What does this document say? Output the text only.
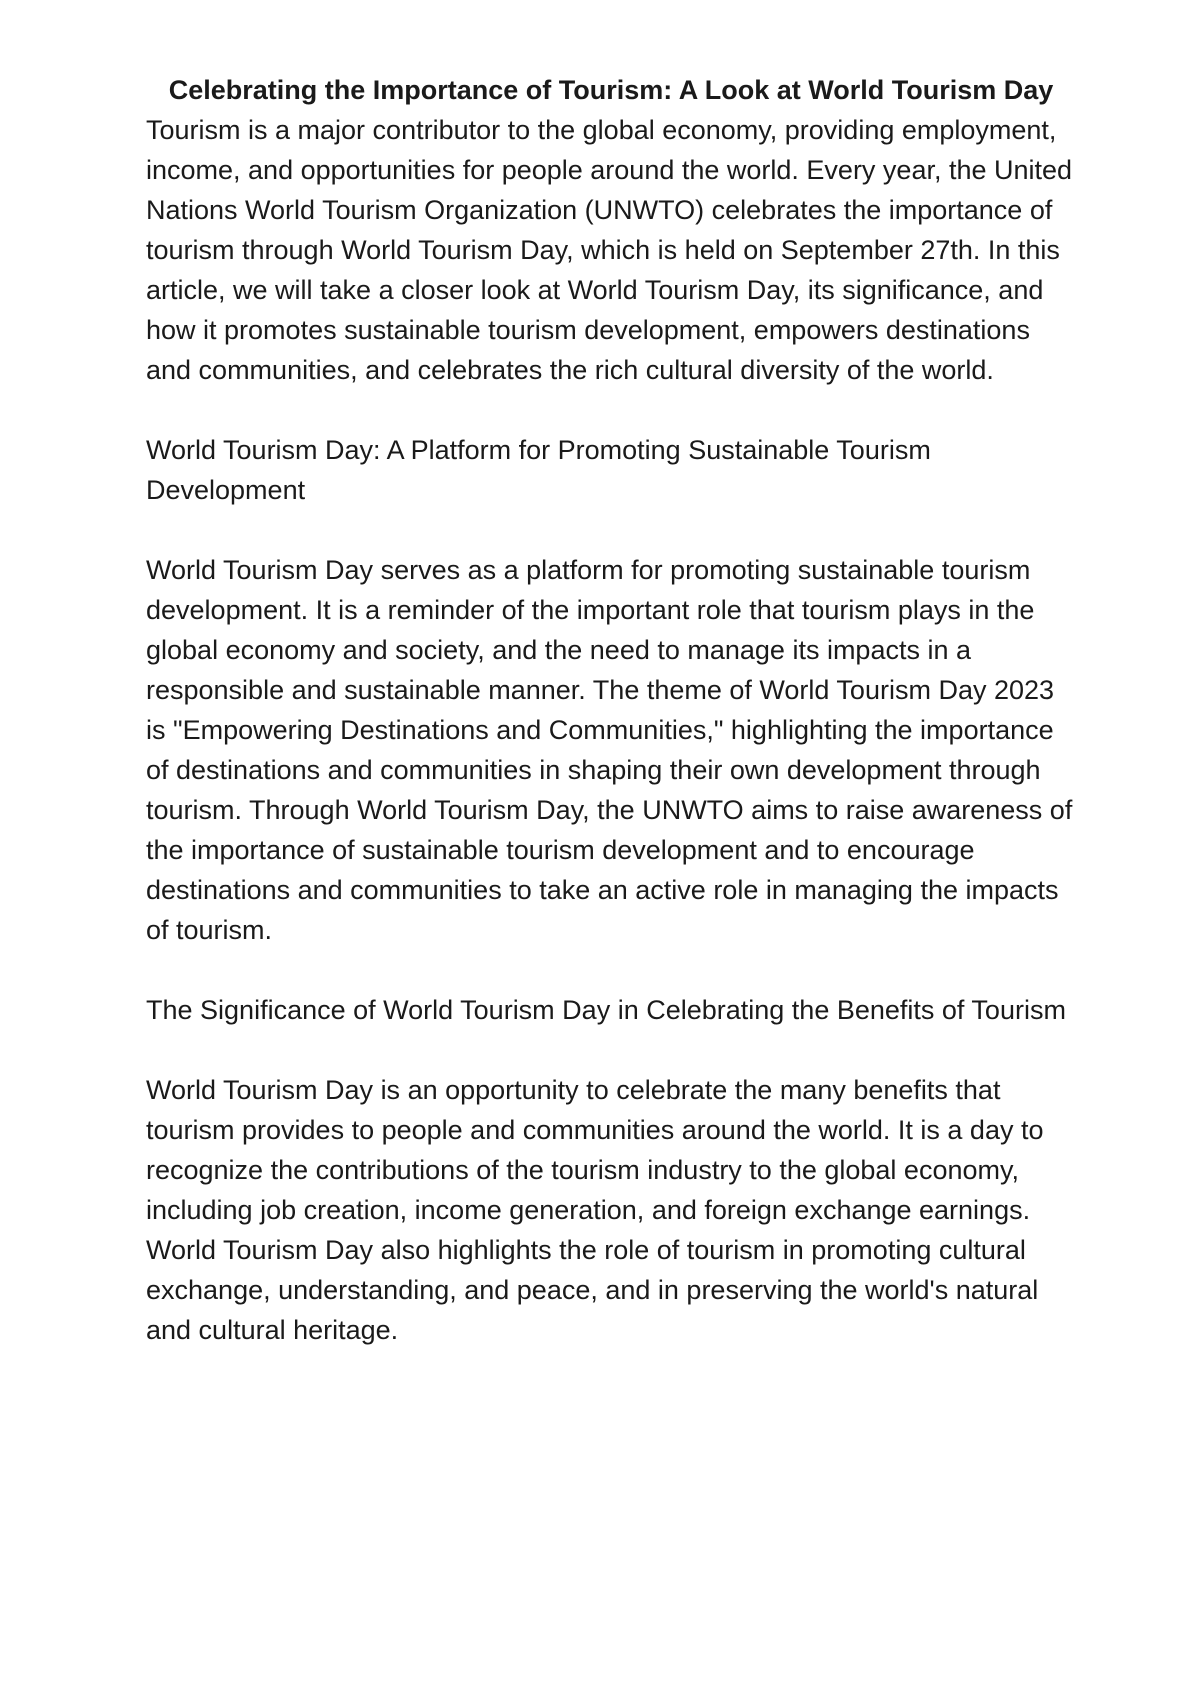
Celebrating the Importance of Tourism: A Look at World Tourism Day

Tourism is a major contributor to the global economy, providing employment, income, and opportunities for people around the world. Every year, the United Nations World Tourism Organization (UNWTO) celebrates the importance of tourism through World Tourism Day, which is held on September 27th. In this article, we will take a closer look at World Tourism Day, its significance, and how it promotes sustainable tourism development, empowers destinations and communities, and celebrates the rich cultural diversity of the world.

World Tourism Day: A Platform for Promoting Sustainable Tourism Development

World Tourism Day serves as a platform for promoting sustainable tourism development. It is a reminder of the important role that tourism plays in the global economy and society, and the need to manage its impacts in a responsible and sustainable manner. The theme of World Tourism Day 2023 is "Empowering Destinations and Communities," highlighting the importance of destinations and communities in shaping their own development through tourism. Through World Tourism Day, the UNWTO aims to raise awareness of the importance of sustainable tourism development and to encourage destinations and communities to take an active role in managing the impacts of tourism.

The Significance of World Tourism Day in Celebrating the Benefits of Tourism

World Tourism Day is an opportunity to celebrate the many benefits that tourism provides to people and communities around the world. It is a day to recognize the contributions of the tourism industry to the global economy, including job creation, income generation, and foreign exchange earnings. World Tourism Day also highlights the role of tourism in promoting cultural exchange, understanding, and peace, and in preserving the world's natural and cultural heritage.
